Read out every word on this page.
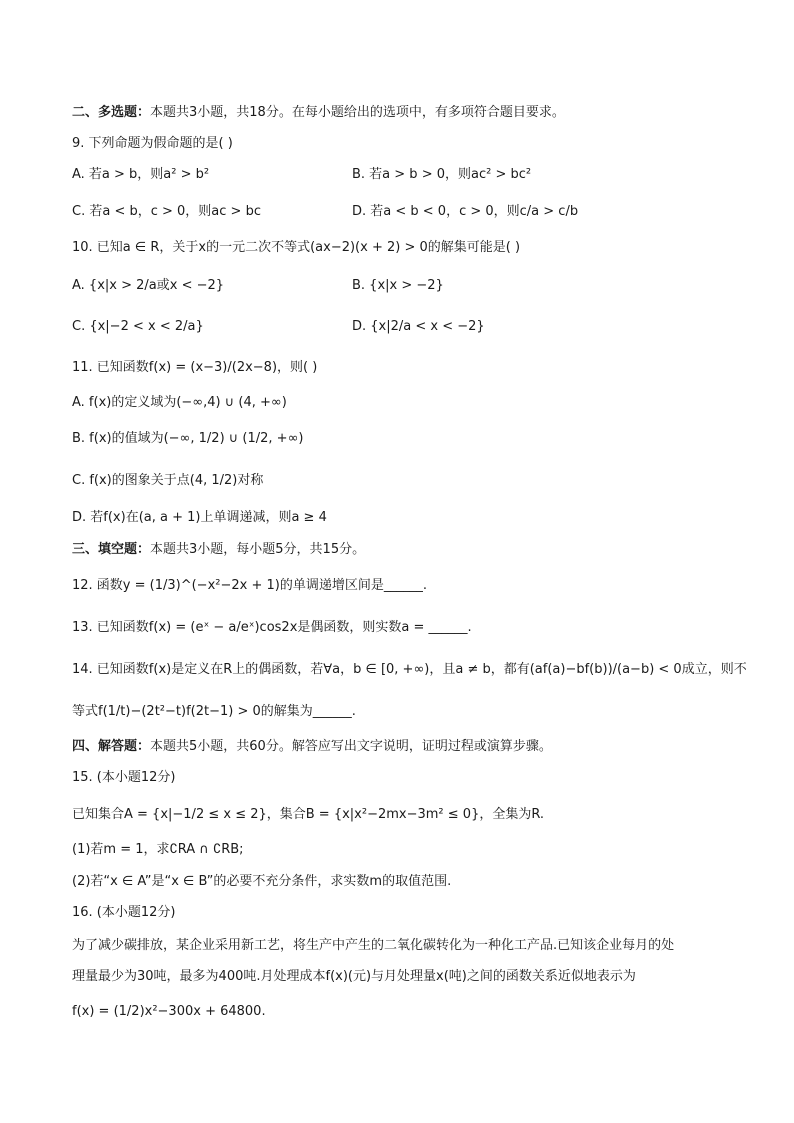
二、多选题：本题共3小题，共18分。在每小题给出的选项中，有多项符合题目要求。
9. 下列命题为假命题的是( )
A. 若a > b，则a² > b²	B. 若a > b > 0，则ac² > bc²
C. 若a < b，c > 0，则ac > bc	D. 若a < b < 0，c > 0，则c/a > c/b
10. 已知a ∈ R，关于x的一元二次不等式(ax−2)(x + 2) > 0的解集可能是( )
A. {x|x > 2/a或x < −2}	B. {x|x > −2}
C. {x|−2 < x < 2/a}	D. {x|2/a < x < −2}
11. 已知函数f(x) = (x−3)/(2x−8)，则( )
A. f(x)的定义域为(−∞,4) ∪ (4, +∞)
B. f(x)的值域为(−∞, 1/2) ∪ (1/2, +∞)
C. f(x)的图象关于点(4, 1/2)对称
D. 若f(x)在(a, a + 1)上单调递减，则a ≥ 4
三、填空题：本题共3小题，每小题5分，共15分。
12. 函数y = (1/3)^(−x²−2x + 1)的单调递增区间是______.
13. 已知函数f(x) = (eˣ − a/eˣ)cos2x是偶函数，则实数a = ______.
14. 已知函数f(x)是定义在R上的偶函数，若∀a，b ∈ [0, +∞)，且a ≠ b，都有(af(a)−bf(b))/(a−b) < 0成立，则不
等式f(1/t)−(2t²−t)f(2t−1) > 0的解集为______.
四、解答题：本题共5小题，共60分。解答应写出文字说明，证明过程或演算步骤。
15. (本小题12分)
已知集合A = {x|−1/2 ≤ x ≤ 2}，集合B = {x|x²−2mx−3m² ≤ 0}，全集为R.
(1)若m = 1，求∁RA ∩ ∁RB;
(2)若“x ∈ A”是“x ∈ B”的必要不充分条件，求实数m的取值范围.
16. (本小题12分)
为了减少碳排放，某企业采用新工艺，将生产中产生的二氧化碳转化为一种化工产品.已知该企业每月的处
理量最少为30吨，最多为400吨.月处理成本f(x)(元)与月处理量x(吨)之间的函数关系近似地表示为
f(x) = (1/2)x²−300x + 64800.
